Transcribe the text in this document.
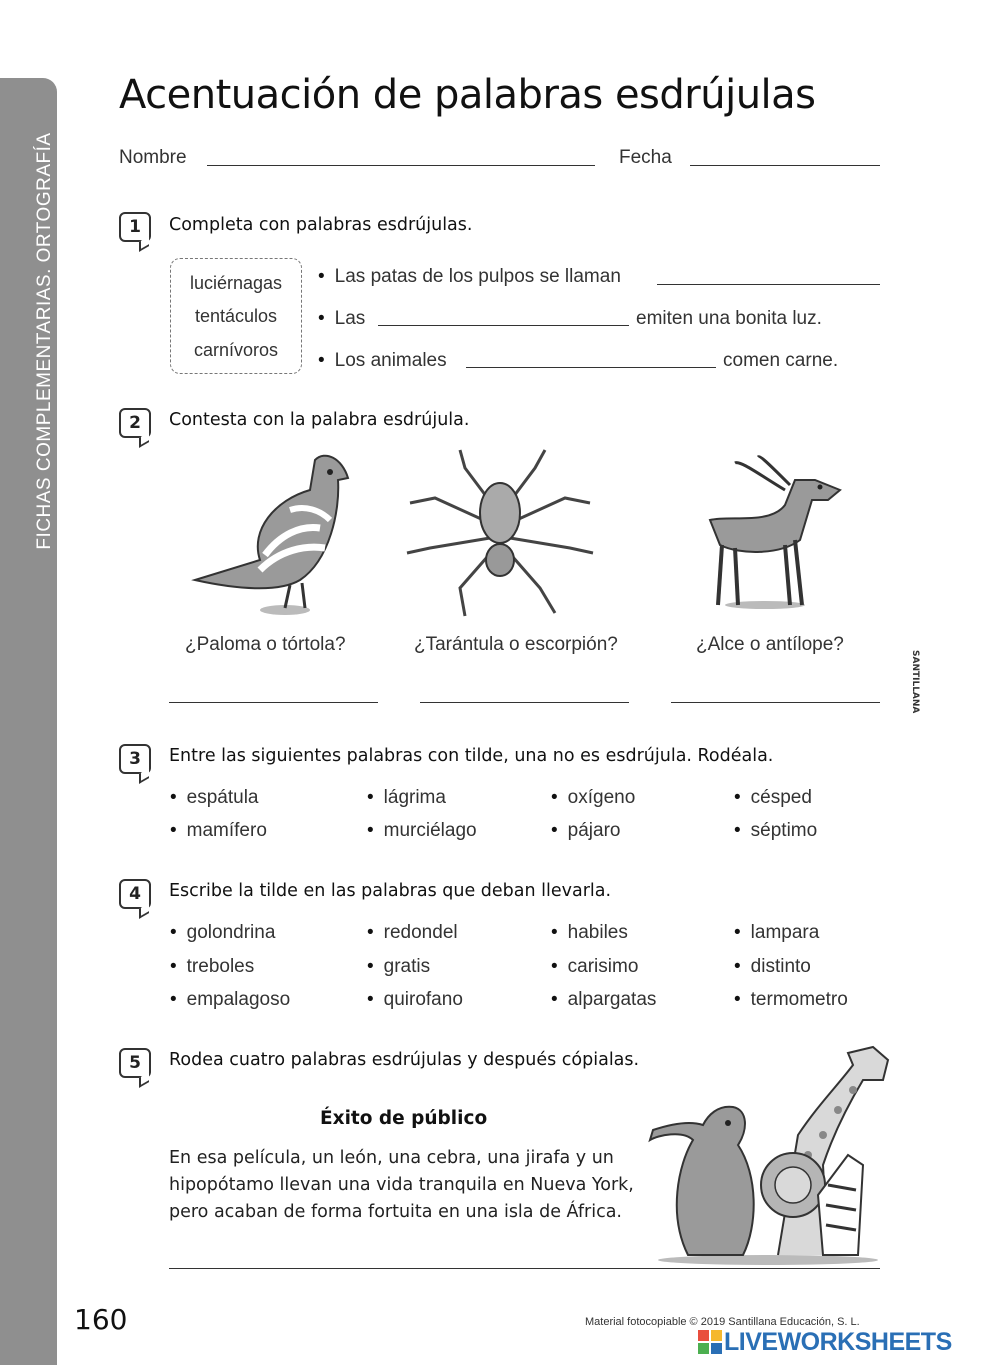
FICHAS COMPLEMENTARIAS. ORTOGRAFÍA
Acentuación de palabras esdrújulas
Nombre	Fecha
1	Completa con palabras esdrújulas.
luciérnagas
tentáculos
carnívoros
• Las patas de los pulpos se llaman
• Las	emiten una bonita luz.
• Los animales	comen carne.
2	Contesta con la palabra esdrújula.
¿Paloma o tórtola?	¿Tarántula o escorpión?	¿Alce o antílope?
SANTILLANA
3	Entre las siguientes palabras con tilde, una no es esdrújula. Rodéala.
• espátula	• lágrima	• oxígeno	• césped
• mamífero	• murciélago	• pájaro	• séptimo
4	Escribe la tilde en las palabras que deban llevarla.
• golondrina	• redondel	• habiles	• lampara
• treboles	• gratis	• carisimo	• distinto
• empalagoso	• quirofano	• alpargatas	• termometro
5	Rodea cuatro palabras esdrújulas y después cópialas.
Éxito de público
En esa película, un león, una cebra, una jirafa y un
hipopótamo llevan una vida tranquila en Nueva York,
pero acaban de forma fortuita en una isla de África.
160	Material fotocopiable © 2019 Santillana Educación, S. L.
LIVEWORKSHEETS
